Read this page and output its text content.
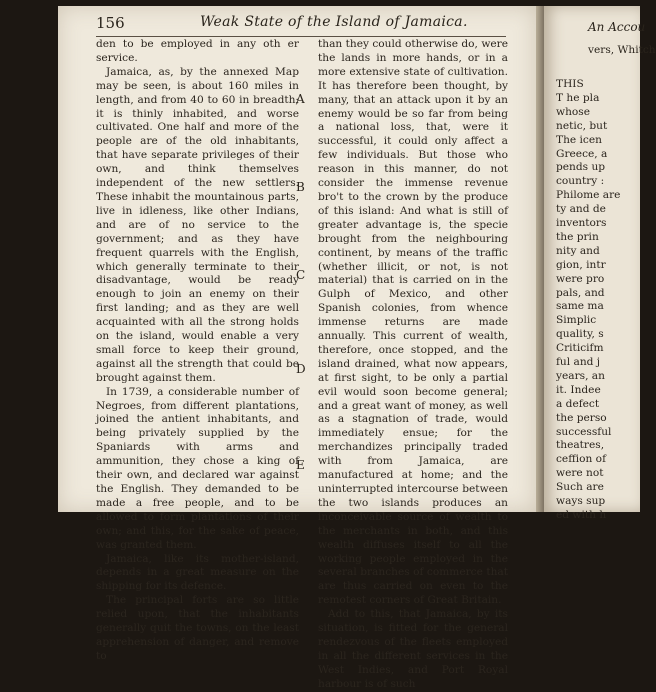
156	Weak State of the Island of Jamaica.

den to be employed in any oth er service.

Jamaica, as, by the annexed Map may be seen, is about 160 miles in length, and from 40 to 60 in breadth; it is thinly inhabited, and worse cultivated. One half and more of the people are of the old inhabitants, that have separate privileges of their own, and think themselves independent of the new settlers. These inhabit the mountainous parts, live in idleness, like other Indians, and are of no service to the government; and as they have frequent quarrels with the English, which generally terminate to their disadvantage, would be ready enough to join an enemy on their first landing; and as they are well acquainted with all the strong holds on the island, would enable a very small force to keep their ground, against all the strength that could be brought against them.

In 1739, a considerable number of Negroes, from different plantations, joined the antient inhabitants, and being privately supplied by the Spaniards with arms and ammunition, they chose a king of their own, and declared war against the English. They demanded to be made a free people, and to be allowed to form plantations of their own; and this, for the sake of peace, was granted them.

Jamaica, like its mother-island, depends in a great measure on the shipping for its defence.

The principal forts are so little relied upon, that the inhabitants generally quit the towns, on the least apprehension of danger, and remove to

A
B
C
D
E

than they could otherwise do, were the lands in more hands, or in a more extensive state of cultivation. It has therefore been thought, by many, that an attack upon it by an enemy would be so far from being a national loss, that, were it successful, it could only affect a few individuals. But those who reason in this manner, do not consider the immense revenue bro't to the crown by the produce of this island: And what is still of greater advantage is, the specie brought from the neighbouring continent, by means of the traffic (whether illicit, or not, is not material) that is carried on in the Gulph of Mexico, and other Spanish colonies, from whence immense returns are made annually. This current of wealth, therefore, once stopped, and the island drained, what now appears, at first sight, to be only a partial evil would soon become general; and a great want of money, as well as a stagnation of trade, would immediately ensue; for the merchandizes principally traded with from Jamaica, are manufactured at home; and the uninterrupted intercourse between the two islands produces an inconceivable source of wealth to the merchants in both, and this wealth diffuses itself to all the working people employed in the several branches of commerce that are thus carried on even to the remotest corners of Great Britain.

Add to this, that Jamaica, by its situation, is fitted for the general rendezvous of the fleets employed in all the different services in the West Indies, and Port Royal harbour is of such

An Accou
vers, Whitch
THIS
T he pla
whose
netic, but
The icen
Greece, a
pends up
country :
Philome are
ty and de
inventors
the prin
nity and
gion, intr
were pro
pals, and
same ma
Simplic
quality, s
Criticifm
ful and j
years, an
it. Indee
a defect
the perso
successful
theatres,
ceffion of
were not
Such are
ways sup
ed with h
